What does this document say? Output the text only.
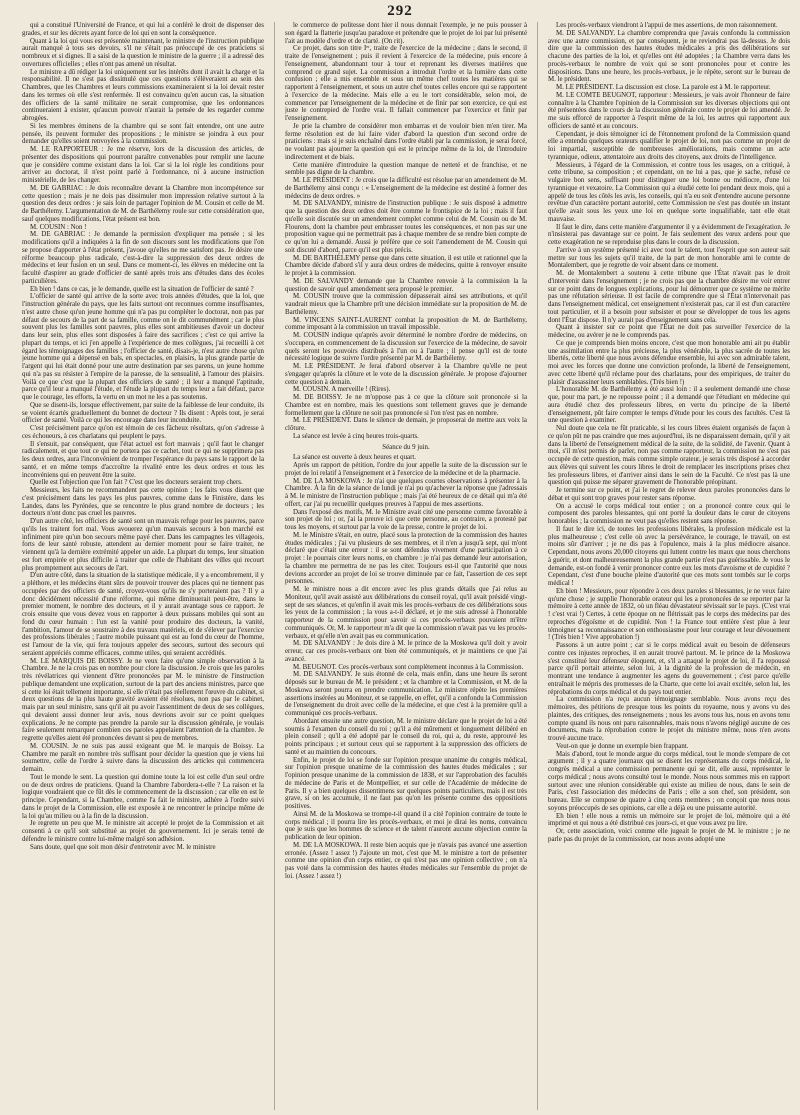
292

qui a constitué l'Université de France, et qui lui a conféré le droit de dispenser des grades, et sur les décrets ayant force de loi qui en sont la conséquence.

Quant à la loi qui vous est présentée maintenant, le ministre de l'instruction publique aurait manqué à tous ses devoirs, s'il ne s'était pas préoccupé de ces praticiens si nombreux et si dignes. Il a saisi de la question le ministre de la guerre ; il a adressé des ouvertures officielles ; elles n'ont pas amené un résultat.

Le ministre a dû rédiger la loi uniquement sur les intérêts dont il avait la charge et la responsabilité. Il ne s'est pas dissimulé que ces questions s'élèveraient au sein des Chambres, que les Chambres et leurs commissions examineraient si la loi devait rester dans les termes où elle s'est renfermée. Il est convaincu qu'en aucun cas, la situation des officiers de la santé militaire ne serait compromise, que les ordonnances continueraient à exister, qu'aucun pouvoir n'aurait la pensée de les regarder comme abrogées.

Si les membres éminens de la chambre qui se sont fait entendre, ont une autre pensée, ils peuvent formuler des propositions ; le ministre se joindra à eux pour demander qu'elles soient renvoyées à la commission.

M. LE RAPPORTEUR : Je me réserve, lors de la discussion des articles, de présenter des dispositions qui pourront paraître convenables pour remplir une lacune que je considère comme existant dans la loi. Car si la loi règle les conditions pour arriver au doctorat, il n'est point parlé à l'ordonnance, ni à aucune instruction ministérielle, de les changer.

M. DE GABRIAC : Je dois reconnaître devant la Chambre mon incompétence sur cette question ; mais je ne dois pas dissimuler mon impression relative surtout à la question des deux ordres : je sais loin de partager l'opinion de M. Cousin et celle de M. de Barthélemy. L'argumentation de M. de Barthélemy roule sur cette considération que, sauf quelques modifications, l'état présent est bon.

M. COUSIN : Non !

M. DE GABRIAC : Je demande la permission d'expliquer ma pensée ; si les modifications qu'il a indiquées à la fin de son discours sont les modifications que l'on se propose d'apporter à l'état présent, j'avoue qu'elles ne me satisfont pas. Je désire une réforme beaucoup plus radicale, c'est-à-dire la suppression des deux ordres de médecins et leur fusion en un seul. Dans ce moment-ci, les élèves en médecine ont la faculté d'aspirer au grade d'officier de santé après trois ans d'études dans des écoles particulières.

Eh bien ! dans ce cas, je le demande, quelle est la situation de l'officier de santé ?

L'officier de santé qui arrive de la sorte avec trois années d'études, que la loi, que l'instruction générale du pays, que les faits surtout ont reconnues comme insuffisantes, n'est autre chose qu'un jeune homme qui n'a pas pu compléter le doctorat, non pas par défaut de secours de la part de sa famille, comme on le dit communément ; car le plus souvent plus les familles sont pauvres, plus elles sont ambitieuses d'avoir un docteur dans leur sein, plus elles sont disposées à faire des sacrifices ; c'est ce qui arrive la plupart du temps, et ici j'en appelle à l'expérience de mes collègues, j'ai recueilli à cet égard les témoignages des familles ; l'officier de santé, disais-je, n'est autre chose qu'un jeune homme qui a dépensé en bals, en spectacles, en plaisirs, la plus grande partie de l'argent qui lui était donné pour une autre destination par ses parens, un jeune homme qui n'a pas su résister à l'empire de la paresse, de la sensualité, à l'amour des plaisirs. Voilà ce que c'est que la plupart des officiers de santé ; il leur a manqué l'aptitude, parce qu'il leur a manqué l'étude, et l'étude la plupart du temps leur a fait défaut, parce que le courage, les efforts, la vertu en un mot ne les a pas soutenus.

Que se disent-ils, lorsque effectivement, par suite de la faiblesse de leur conduite, ils se voient écartés graduellement du bonnet de docteur ? Ils disent : Après tout, je serai officier de santé. Voilà ce qui les encourage dans leur inconduite.

C'est précisément parce qu'on est témoin de ces fâcheux résultats, qu'on s'adresse à ces échoueurs, à ces charlatans qui peuplent le pays.

Il s'ensuit, par conséquent, que l'état actuel est fort mauvais ; qu'il faut le changer radicalement, et que tout ce qui ne portera pas ce cachet, tout ce qui ne supprimera pas les deux ordres, aura l'inconvénient de tromper l'espérance du pays sans le rapport de la santé, et en même temps d'accroître la rivalité entre les deux ordres et tous les inconvéniens qui en peuvent être la suite.

Quelle est l'objection que l'on fait ? C'est que les docteurs seraient trop chers.

Messieurs, les faits ne recommandent pas cette opinion ; les faits vous disent que c'est précisément dans les pays les plus pauvres, comme dans le Finistère, dans les Landes, dans les Pyrénées, que se rencontre le plus grand nombre de docteurs ; les docteurs n'ont donc pas cruel les pauvres.

D'un autre côté, les officiers de santé sont un mauvais refuge pour les pauvres, parce qu'ils les traitent fort mal. Vous avouerez qu'un mauvais secours à bon marché est infiniment pire qu'un bon secours même payé cher. Dans les campagnes les villageois, forts de leur santé robuste, attendent au dernier moment pour se faire traiter, ne viennent qu'à la dernière extrémité appeler un aide. La plupart du temps, leur situation est fort empirée et plus difficile à traiter que celle de l'habitant des villes qui recourt plus promptement aux secours de l'art.

D'un autre côté, dans la situation de la statistique médicale, il y a encombrement, il y a pléthore, et les médecins étant sûrs de pouvoir trouver des places qui ne tiennent pas occupées par des officiers de santé, croyez-vous qu'ils ne s'y porteraient pas ? Il y a donc décidément nécessité d'une réforme, qui même diminuerait peut-être, dans le premier moment, le nombre des docteurs, et il y aurait avantage sous ce rapport. Je crois ensuite que vous devez vous en rapporter à deux puissans mobiles qui sont au fond du cœur humain : l'un est la vanité pour produire des docteurs, la vanité, l'ambition, l'amour de se soustraire à des travaux matériels, et de s'élever par l'exercice des professions libérales ; l'autre mobile puissant qui est au fond du cœur de l'homme, est l'amour de la vie, qui fera toujours appeler des secours, surtout des secours qui seraient appréciés comme efficaces, comme utiles, qui seraient accrédités.

M. LE MARQUIS DE BOISSY. Je ne veux faire qu'une simple observation à la Chambre. Je ne la crois pas en nombre pour clore la discussion. Je crois que les paroles très révélatrices qui viennent d'être prononcées par M. le ministre de l'instruction publique demandent une explication, surtout de la part des anciens ministres, parce que si cette loi était tellement importante, si elle n'était pas réellement l'œuvre du cabinet, si deux questions de la plus haute gravité avaient été résolues, non pas par le cabinet, mais par un seul ministre, sans qu'il ait pu avoir l'assentiment de deux de ses collègues, qui devaient aussi donner leur avis, nous devrions avoir sur ce point quelques explications. Je ne compte pas prendre la parole sur la discussion générale, je voulais faire seulement remarquer combien ces paroles appelaient l'attention de la chambre. Je regrette qu'elles aient été prononcées devant si peu de membres.

M. COUSIN. Je ne suis pas aussi exigeant que M. le marquis de Boissy. La Chambre me paraît en nombre très suffisant pour décider la question que je viens lui soumettre, celle de l'ordre à suivre dans la discussion des articles qui commencera demain.

Tout le monde le sent. La question qui domine toute la loi est celle d'un seul ordre ou de deux ordres de praticiens. Quand la Chambre l'abordera-t-elle ? La raison et la logique voudraient que ce fût dès le commencement de la discussion ; car elle en est le principe. Cependant, si la Chambre, comme l'a fait le ministre, adhère à l'ordre suivi dans le projet de la Commission, elle est exposée à ne rencontrer le principe même de la loi qu'au milieu ou à la fin de la discussion.

Je regrette un peu que M. le ministre ait accepté le projet de la Commission et ait consenti à ce qu'il soit substitué au projet du gouvernement. Ici je serais tenté de défendre le ministre contre lui-même malgré son adhésion.

Sans doute, quel que soit mon désir d'entretenir avec M. le ministre

le commerce de politesse dont hier il nous donnait l'exemple, je ne puis pousser à son égard la flatterie jusqu'au paradoxe et prétendre que le projet de loi par lui présenté l'ait au modèle d'ordre et de clarté. (On rit).

Ce projet, dans son titre Iᵉʳ, traite de l'exercice de la médecine ; dans le second, il traite de l'enseignement ; puis il revient à l'exercice de la médecine, puis encore à l'enseignement, abandonnant tour à tour et reprenant les diverses matières que comprend ce grand sujet. La commission a introduit l'ordre et la lumière dans cette confusion ; elle a mis ensemble et sous un même chef toutes les matières qui se rapportent à l'enseignement, et sous un autre chef toutes celles encore qui se rapportent à l'exercice de la médecine. Mais elle a eu le tort considérable, selon moi, de commencer par l'enseignement de la médecine et de finir par son exercice, ce qui est juste le contrepied de l'ordre vrai. Il fallait commencer par l'exercice et finir par l'enseignement.

Je prie la chambre de considérer mon embarras et de vouloir bien m'en tirer. Ma ferme résolution est de lui faire vider d'abord la question d'un second ordre de praticiens : mais si je suis enchaîné dans l'ordre établi par la commission, je serai forcé, ne voulant pas ajourner la question qui est le principe même de la loi, de l'introduire indirectement et de biais.

Cette manière d'introduire la question manque de netteté et de franchise, et ne semble pas digne de la chambre.

M. LE PRÉSIDENT : Je crois que la difficulté est résolue par un amendement de M. de Barthélemy ainsi conçu : « L'enseignement de la médecine est destiné à former des médecins de deux ordres. »

M. DE SALVANDY, ministre de l'instruction publique : Je suis disposé à admettre que la question des deux ordres doit être comme le frontispice de la loi ; mais il faut qu'elle soit discutée sur un amendement complet comme celui de M. Cousin ou de M. Flourens, dont la chambre peut embrasser toutes les conséquences, et non pas sur une proposition vague qui ne permettrait pas à chaque membre de se rendre bien compte de ce qu'on lui a demandé. Aussi je préfère que ce soit l'amendement de M. Cousin qui soit discuté d'abord, parce qu'il est plus précis.

M. DE BARTHÉLEMY pense que dans cette situation, il est utile et rationnel que la Chambre décide d'abord s'il y aura deux ordres de médecins, quitte à renvoyer ensuite le projet à la commission.

M. DE SALVANDY demande que la Chambre renvoie à la commission la la question de savoir quel amendement sera proposé le premier.

M. COUSIN trouve que la commission dépasserait ainsi ses attributions, et qu'il vaudrait mieux que la Chambre prît une décision immédiate sur la proposition de M. de Barthélemy.

M. VINCENS SAINT-LAURENT combat la proposition de M. de Barthélemy, comme imposant à la commission un travail impossible.

M. COUSIN indique qu'après avoir déterminé le nombre d'ordre de médecins, on s'occupera, en commencement de la discussion sur l'exercice de la médecine, de savoir quels seront les pouvoirs distribués à l'un ou à l'autre ; il pense qu'il est de toute nécessité logique de suivre l'ordre présenté par M. de Barthélemy.

M. LE PRÉSIDENT. Je ferai d'abord observer à la Chambre qu'elle ne peut s'engager qu'après la clôture et le vote de la discussion générale. Je propose d'ajourner cette question à demain.

M. COUSIN. A merveille ! (Rires).

M. DE BOISSY. Je ne m'oppose pas à ce que la clôture soit prononcée si la Chambre est en nombre, mais les questions sont tellement graves que je demande formellement que la clôture ne soit pas prononcée si l'on n'est pas en nombre.

M. LE PRÉSIDENT. Dans le silence de demain, je proposerai de mettre aux voix la clôture.

La séance est levée à cinq heures trois-quarts.

Séance du 9 juin.

La séance est ouverte à deux heures et quart.

Après un rapport de pétition, l'ordre du jour appelle la suite de la discussion sur le projet de loi relatif à l'enseignement et à l'exercice de la médecine et de la pharmacie.

M. DE LA MOSKOWA : Je n'ai que quelques courtes observations à présenter à la Chambre. À la fin de la séance de lundi je n'ai pu qu'achever la réponse que j'adressais à M. le ministre de l'instruction publique ; mais j'ai été heureux de ce détail qui m'a été offert, car j'ai pu recueillir quelques preuves à l'appui de mes assertions.

Dans l'exposé des motifs, M. le Ministre avait cité une personne comme favorable à son projet de loi ; or, j'ai la preuve ici que cette personne, au contraire, a protesté par tous les moyens, et surtout par la voie de la presse, contre le projet de loi.

M. le Ministre s'était, en outre, placé sous la protection de la commission des hautes études médicales ; j'ai vu plusieurs de ses membres, et il n'en a jusqu'à sept, qui m'ont déclaré que c'était une erreur : il se sont défendus vivement d'une participation à ce projet : le pourrais citer leurs noms, en chambre : je n'ai pas demandé leur autorisation, la chambre me permettra de ne pas les citer. Toujours est-il que l'autorité que nous devions accorder au projet de loi se trouve diminuée par ce fait, l'assertion de ces sept personnes.

M. le ministre nous a dit encore avec les plus grands détails que j'ai relus au Moniteur, qu'il avait assisté aux délibérations du conseil royal, qu'il avait présidé vingt-sept de ses séances, et qu'enfin il avait mis les procès-verbaux de ces délibérations sous les yeux de la commission ; la vous a-t-il déclaré, et je me suis adressé à l'honorable rapporteur de la commission pour savoir si ces procès-verbaux pouvaient m'être communiqués. Or, M. le rapporteur m'a dit que la commission n'avait pas vu les procès-verbaux, et qu'elle n'en avait pas eu communication.

M. DE SALVANDY : Je dois dire à M. le prince de la Moskowa qu'il doit y avoir erreur, car ces procès-verbaux ont bien été communiqués, et je maintiens ce que j'ai avancé.

M. BEUGNOT. Ces procès-verbaux sont complètement inconnus à la Commission.

M. DE SALVANDY. Je suis étonné de cela, mais enfin, dans une heure ils seront déposés sur le bureau de M. le président ; et la chambre et la Commission, et M. de la Moskowa seront pourra en prendre communication. Le ministre répète les premières assertions insérées au Moniteur, et se rappelle, en effet, qu'il a confondu la Commission de l'enseignement du droit avec celle de la médecine, et que c'est à la première qu'il a communiqué ces procès-verbaux.

Abordant ensuite une autre question, M. le ministre déclare que le projet de loi a été soumis à l'examen du conseil du roi ; qu'il a été mûrement et longuement délibéré en plein conseil ; qu'il a été adopté par le conseil du roi, qui a, du reste, approuvé les points principaux ; et surtout ceux qui se rapportent à la suppression des officiers de santé et au maintien du concours.

Enfin, le projet de loi se fonde sur l'opinion presque unanime du congrès médical, sur l'opinion presque unanime de la commission des hautes études médicales ; sur l'opinion presque unanime de la commission de 1838, et sur l'approbation des facultés de médecine de Paris et de Montpellier, et sur celle de l'Académie de médecine de Paris. Il y a bien quelques dissentimens sur quelques points particuliers, mais il est très grave, si on les accumule, il ne faut pas qu'on les présente comme des oppositions positives.

Ainsi M. de la Moskowa se trompe-t-il quand il a cité l'opinion contraire de toute le corps médical ; il pourra lire les procès-verbaux, et moi je dirai les noms, convaincu que je suis que les hommes de science et de talent n'auront aucune objection contre la publication de leur opinion.

M. DE LA MOSKOWA. Il reste bien acquis que je n'avais pas avancé une assertion erronée. (Assez ! assez !) J'ajoute un mot, c'est que M. le ministre a tort de présenter comme une opinion d'un corps entier, ce qui n'est pas une opinion collective ; on n'a pas voté dans la commission des hautes études médicales sur l'ensemble du projet de loi. (Assez ! assez !)

Les procès-verbaux viendront à l'appui de mes assertions, de mon raisonnement.

M. DE SALVANDY. La chambre comprendra que j'avais confondu la commission avec une autre commission, et par conséquent, je ne reviendrai pas là-dessus. Je dois dire que la commission des hautes études médicales a pris des délibérations sur chacune des parties de la loi, et qu'elles ont été adoptées ; la Chambre verra dans les procès-verbaux le nombre de voix qui se sont prononcées pour et contre les dispositions. Dans une heure, les procès-verbaux, je le répète, seront sur le bureau de M. le président.

M. LE PRÉSIDENT. La discussion est close. La parole est à M. le rapporteur.

M. LE COMTE BEUGNOT, rapporteur : Messieurs, je vais avoir l'honneur de faire connaître à la Chambre l'opinion de la Commission sur les diverses objections qui ont été présentées dans le cours de la discussion générale contre le projet de loi amendé. Je me suis efforcé de rapporter à l'esprit même de la loi, les autres qui rapportent aux officiers de santé et au concours.

Cependant, je dois témoigner ici de l'étonnement profond de la Commission quand elle a entendu quelques orateurs qualifier le projet de loi, non pas comme un projet de loi impartial, susceptible de nombreuses améliorations, mais comme un acte tyrannique, odieux, attentatoire aux droits des citoyens, aux droits de l'intelligence.

Messieurs, à l'égard de la Commission, et contre tous les usages, on a critiqué, à cette tribune, sa composition ; et cependant, on ne lui a pas, que je sache, refusé ce vulgaire bon sens, suffisant pour distinguer une loi bonne ou médiocre, d'une loi tyrannique et vexatoire. La Commission qui a étudié cette loi pendant deux mois, qui a appelé de tous les côtés les avis, les conseils, qui n'a eu soit d'entendre aucune personne revêtue d'un caractère portant autorité, cette Commission ne s'est pas doutée un instant qu'elle avait sous les yeux une loi en quelque sorte inqualifiable, tant elle était mauvaise.

Il faut le dire, dans cette manière d'argumenter il y a évidemment de l'exagération. Je n'insisterai pas davantage sur ce point. Je fais seulement des vœux ardens pour que cette exagération ne se reproduise plus dans le cours de la discussion.

J'arrive à un système présenté ici avec tout le talent, tout l'esprit que son auteur sait mettre sur tous les sujets qu'il traite, de la part de mon honorable ami le comte de Montalembert, que je regrette de voir absent dans ce moment.

M. de Montalembert a soutenu à cette tribune que l'État n'avait pas le droit d'intervenir dans l'enseignement ; je ne crois pas que la chambre désire me voir entrer sur ce point dans de longues explications, pour lui démontrer que ce système ne mérite pas une réfutation sérieuse. Il est facile de comprendre que si l'État n'intervenait pas dans l'enseignement médical, cet enseignement n'existerait pas, car il est d'un caractère tout particulier, et il a besoin pour subsister et pour se développer de tous les agens dont l'État dispose. Il n'y aurait pas d'enseignement sans cela.

Quant à insister sur ce point que l'État ne doit pas surveiller l'exercice de la médecine, ou avérer je ne le comprends pas.

Ce que je comprends bien moins encore, c'est que mon honorable ami ait pu établir une assimilation entre la plus précieuse, la plus vénérable, la plus sacrée de toutes les libertés, cette liberté que nous avons défendue ensemble, lui avec son admirable talent, moi avec les forces que donne une conviction profonde, la liberté de l'enseignement, avec cette liberté qu'il réclame pour des charlatans, pour des empiriques, de traiter du plaisir d'assassiner leurs semblables. (Très bien !)

L'honorable M. de Barthélemy a été aussi loin : il a seulement demandé une chose que, pour ma part, je ne repousse point ; il a demandé que l'étudiant en médecine qui aura étudié chez des professeurs libres, en vertu du principe de la liberté d'enseignement, pût faire compter le temps d'étude pour les cours des facultés. C'est là une question à examiner.

Nul doute que cela ne fût praticable, si les cours libres étaient organisés de façon à ce qu'on pût ne pas craindre que mes aujourd'hui, ils ne disparaissent demain, qu'il y ait dans la liberté de l'enseignement médical de la suite, de la solidité, de l'avenir. Quant à moi, s'il m'est permis de parler, non pas comme rapporteur, la commission ne s'est pas occupée de cette question, mais comme simple orateur, je serais très disposé à accorder aux élèves qui suivent les cours libres le droit de remplacer les inscriptions prises chez les professeurs libres, et d'arriver ainsi dans le sein de la Faculté. Ce n'est pas là une question qui puisse me séparer gravement de l'honorable préopinant.

Je termine sur ce point, et j'ai le regret de relever deux paroles prononcées dans le débat et qui sont trop graves pour rester sans réponse.

On a accusé le corps médical tout entier ; on a prononcé contre ceux qui le composent des paroles blessantes, qui ont porté la douleur dans le cœur de citoyens honorables ; la commission ne veut pas qu'elles restent sans réponse.

Il faut le dire ici, de toutes les professions libérales, la profession médicale est la plus malheureuse ; c'est celle où avec la persévérance, le courage, le travail, on est moins sûr d'arriver ; je ne dis pas à l'opulence, mais à la plus médiocre aisance. Cependant, nous avons 20,000 citoyens qui luttent contre les maux que nous cherchons à guérir, et dont malheureusement la plus grande partie n'est pas guérissable. Je vous le demande, est-on fondé à venir prononcer contre eux les mots d'avoisme et de cupidité ? Cependant, c'est d'une bouche pleine d'autorité que ces mots sont tombés sur le corps médical !

Eh bien ! Messieurs, pour répondre à ces deux paroles si blessantes, je ne veux faire qu'une chose ; je supplie l'honorable orateur qui les a prononcées de se reporter par la mémoire à cette année de 1832, où un fléau dévastateur sévissait sur le pays. (C'est vrai ! c'est vrai !) Certes, à cette époque on ne flétrissait pas le corps des médecins par des reproches d'égoïsme et de cupidité. Non ! la France tout entière s'est plue à leur témoigner sa reconnaissance et son enthousiasme pour leur courage et leur dévouement ! (Très bien ! Vive approbation !)

Passons à un autre point ; car si le corps médical avait eu besoin de défenseurs contre ces injustes reproches, il en aurait trouvé partout. M. le prince de la Moskowa s'est constitué leur défenseur éloquent, et, s'il a attaqué le projet de loi, il l'a repoussé parce qu'il portait atteinte, selon lui, à la dignité de la profession de médecin, en montrant une tendance à augmenter les agens du gouvernement ; c'est parce qu'elle entraînait le mépris des promesses de la Charte, que cette loi avait excitée, selon lui, les réprobations du corps médical et du pays tout entier.

La commission n'a reçu aucun témoignage semblable. Nous avons reçu des mémoires, des pétitions de presque tous les points du royaume, nous y avons vu des plaintes, des critiques, des renseignemens ; nous les avons tous lus, nous en avons tenu compte quand ils nous ont paru raisonnables, mais nous n'avons négligé aucune de ces documens, mais la réprobation contre le projet du ministre même, nous n'en avons trouvé aucune trace.

Veut-on que je donne un exemple bien frappant.

Mais d'abord, tout le monde argue du corps médical, tout le monde s'empare de cet argument ; il y a quatre journaux qui se disent les représentans du corps médical, le congrès médical a une commission permanente qui se dit, elle aussi, représenter le corps médical ; nous avons consulté tout le monde. Nous nous sommes mis en rapport surtout avec une réunion considérable qui existe au milieu de nous, dans le sein de Paris, c'est l'association des médecins de Paris ; elle a son chef, son président, son bureau. Elle se compose de quatre à cinq cents membres ; on conçoit que nous nous soyons préoccupés de ses opinions, car elle a déjà eu une puissante autorité.

Eh bien ! elle nous a remis un mémoire sur le projet de loi, mémoire qui a été imprimé et qui nous a été distribué ces jours-ci, et que vous avez pu lire.

Or, cette association, voici comme elle jugeait le projet de M. le ministre ; je ne parle pas du projet de la commission, car nous avons adopté une
